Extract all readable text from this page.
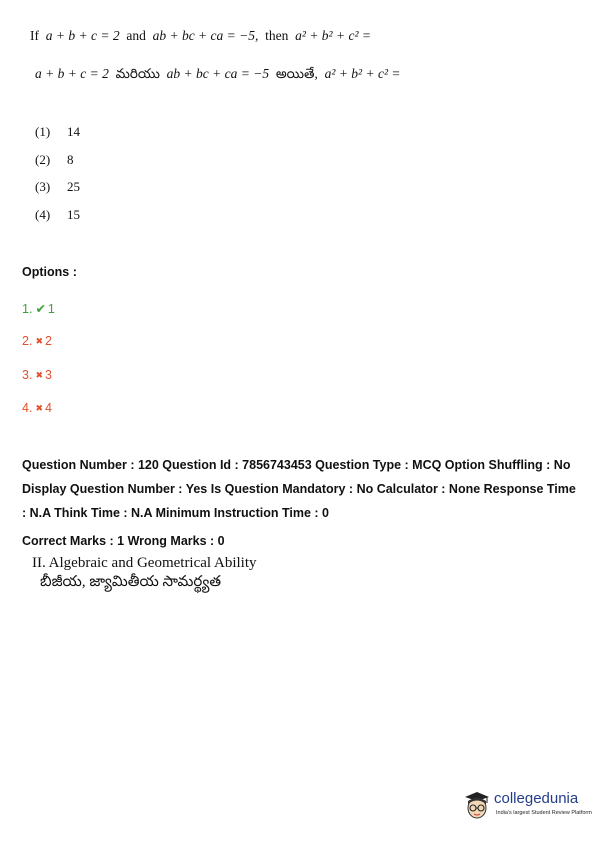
If a + b + c = 2 and ab + bc + ca = −5, then a² + b² + c² =
a + b + c = 2 మరియు ab + bc + ca = −5 అయితే, a² + b² + c² =
(1) 14
(2) 8
(3) 25
(4) 15
Options :
1. ✔ 1
2. ✖ 2
3. ✖ 3
4. ✖ 4
Question Number : 120 Question Id : 7856743453 Question Type : MCQ Option Shuffling : No Display Question Number : Yes Is Question Mandatory : No Calculator : None Response Time : N.A Think Time : N.A Minimum Instruction Time : 0
Correct Marks : 1 Wrong Marks : 0
II. Algebraic and Geometrical Ability
బీజీయ, జ్యామితీయ సామర్థ్యత
collegedunia
India's largest Student Review Platform
